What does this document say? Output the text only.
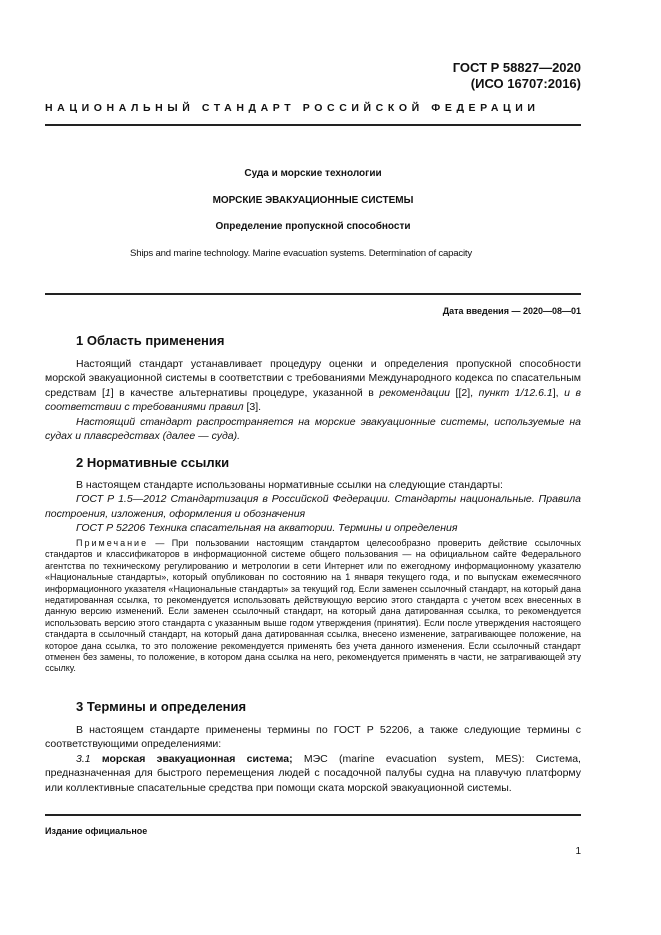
ГОСТ Р 58827—2020
(ИСО 16707:2016)
НАЦИОНАЛЬНЫЙ СТАНДАРТ РОССИЙСКОЙ ФЕДЕРАЦИИ
Суда и морские технологии
МОРСКИЕ ЭВАКУАЦИОННЫЕ СИСТЕМЫ
Определение пропускной способности
Ships and marine technology. Marine evacuation systems. Determination of capacity
Дата введения — 2020—08—01
1 Область применения

Настоящий стандарт устанавливает процедуру оценки и определения пропускной способности морской эвакуационной системы в соответствии с требованиями Международного кодекса по спасательным средствам [1] в качестве альтернативы процедуре, указанной в рекомендации [[2], пункт 1/12.6.1], и в соответствии с требованиями правил [3].

Настоящий стандарт распространяется на морские эвакуационные системы, используемые на судах и плавсредствах (далее — суда).

2 Нормативные ссылки

В настоящем стандарте использованы нормативные ссылки на следующие стандарты:

ГОСТ Р 1.5—2012 Стандартизация в Российской Федерации. Стандарты национальные. Правила построения, изложения, оформления и обозначения

ГОСТ Р 52206 Техника спасательная на акватории. Термины и определения

Примечание — При пользовании настоящим стандартом целесообразно проверить действие ссылочных стандартов и классификаторов в информационной системе общего пользования — на официальном сайте Федерального агентства по техническому регулированию и метрологии в сети Интернет или по ежегодному информационному указателю «Национальные стандарты», который опубликован по состоянию на 1 января текущего года, и по выпускам ежемесячного информационного указателя «Национальные стандарты» за текущий год. Если заменен ссылочный стандарт, на который дана недатированная ссылка, то рекомендуется использовать действующую версию этого стандарта с учетом всех внесенных в данную версию изменений. Если заменен ссылочный стандарт, на который дана датированная ссылка, то рекомендуется использовать версию этого стандарта с указанным выше годом утверждения (принятия). Если после утверждения настоящего стандарта в ссылочный стандарт, на который дана датированная ссылка, внесено изменение, затрагивающее положение, на которое дана ссылка, то это положение рекомендуется применять без учета данного изменения. Если ссылочный стандарт отменен без замены, то положение, в котором дана ссылка на него, рекомендуется применять в части, не затрагивающей эту ссылку.

3 Термины и определения

В настоящем стандарте применены термины по ГОСТ Р 52206, а также следующие термины с соответствующими определениями:

3.1 морская эвакуационная система; МЭС (marine evacuation system, MES): Система, предназначенная для быстрого перемещения людей с посадочной палубы судна на плавучую платформу или коллективные спасательные средства при помощи ската морской эвакуационной системы.

Издание официальное
1
